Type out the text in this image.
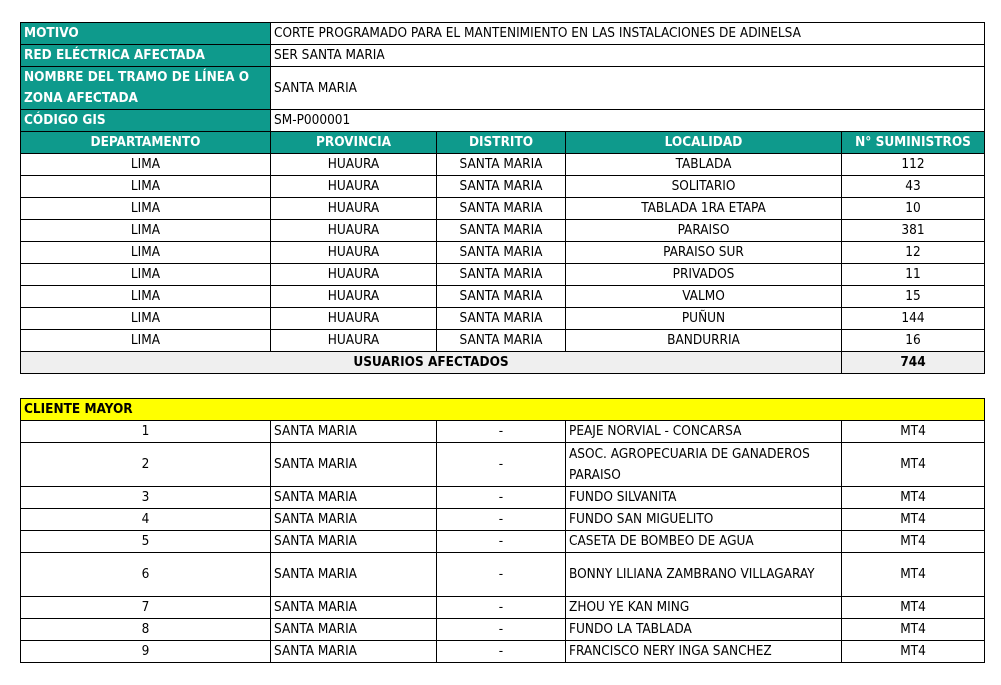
MOTIVO	CORTE PROGRAMADO PARA EL MANTENIMIENTO EN LAS INSTALACIONES DE ADINELSA			
RED ELÉCTRICA AFECTADA	SER SANTA MARIA			
NOMBRE DEL TRAMO DE LÍNEA O ZONA AFECTADA	SANTA MARIA			
CÓDIGO GIS	SM-P000001			
DEPARTAMENTO	PROVINCIA	DISTRITO	LOCALIDAD	N° SUMINISTROS
LIMA	HUAURA	SANTA MARIA	TABLADA	112
LIMA	HUAURA	SANTA MARIA	SOLITARIO	43
LIMA	HUAURA	SANTA MARIA	TABLADA 1RA ETAPA	10
LIMA	HUAURA	SANTA MARIA	PARAISO	381
LIMA	HUAURA	SANTA MARIA	PARAISO SUR	12
LIMA	HUAURA	SANTA MARIA	PRIVADOS	11
LIMA	HUAURA	SANTA MARIA	VALMO	15
LIMA	HUAURA	SANTA MARIA	PUÑUN	144
LIMA	HUAURA	SANTA MARIA	BANDURRIA	16
USUARIOS AFECTADOS				744
CLIENTE MAYOR				
1	SANTA MARIA	-	PEAJE NORVIAL - CONCARSA	MT4
2	SANTA MARIA	-	ASOC. AGROPECUARIA DE GANADEROS PARAISO	MT4
3	SANTA MARIA	-	FUNDO SILVANITA	MT4
4	SANTA MARIA	-	FUNDO SAN MIGUELITO	MT4
5	SANTA MARIA	-	CASETA DE BOMBEO DE AGUA	MT4
6	SANTA MARIA	-	BONNY LILIANA ZAMBRANO VILLAGARAY	MT4
7	SANTA MARIA	-	ZHOU YE KAN MING	MT4
8	SANTA MARIA	-	FUNDO LA TABLADA	MT4
9	SANTA MARIA	-	FRANCISCO NERY INGA SANCHEZ	MT4
